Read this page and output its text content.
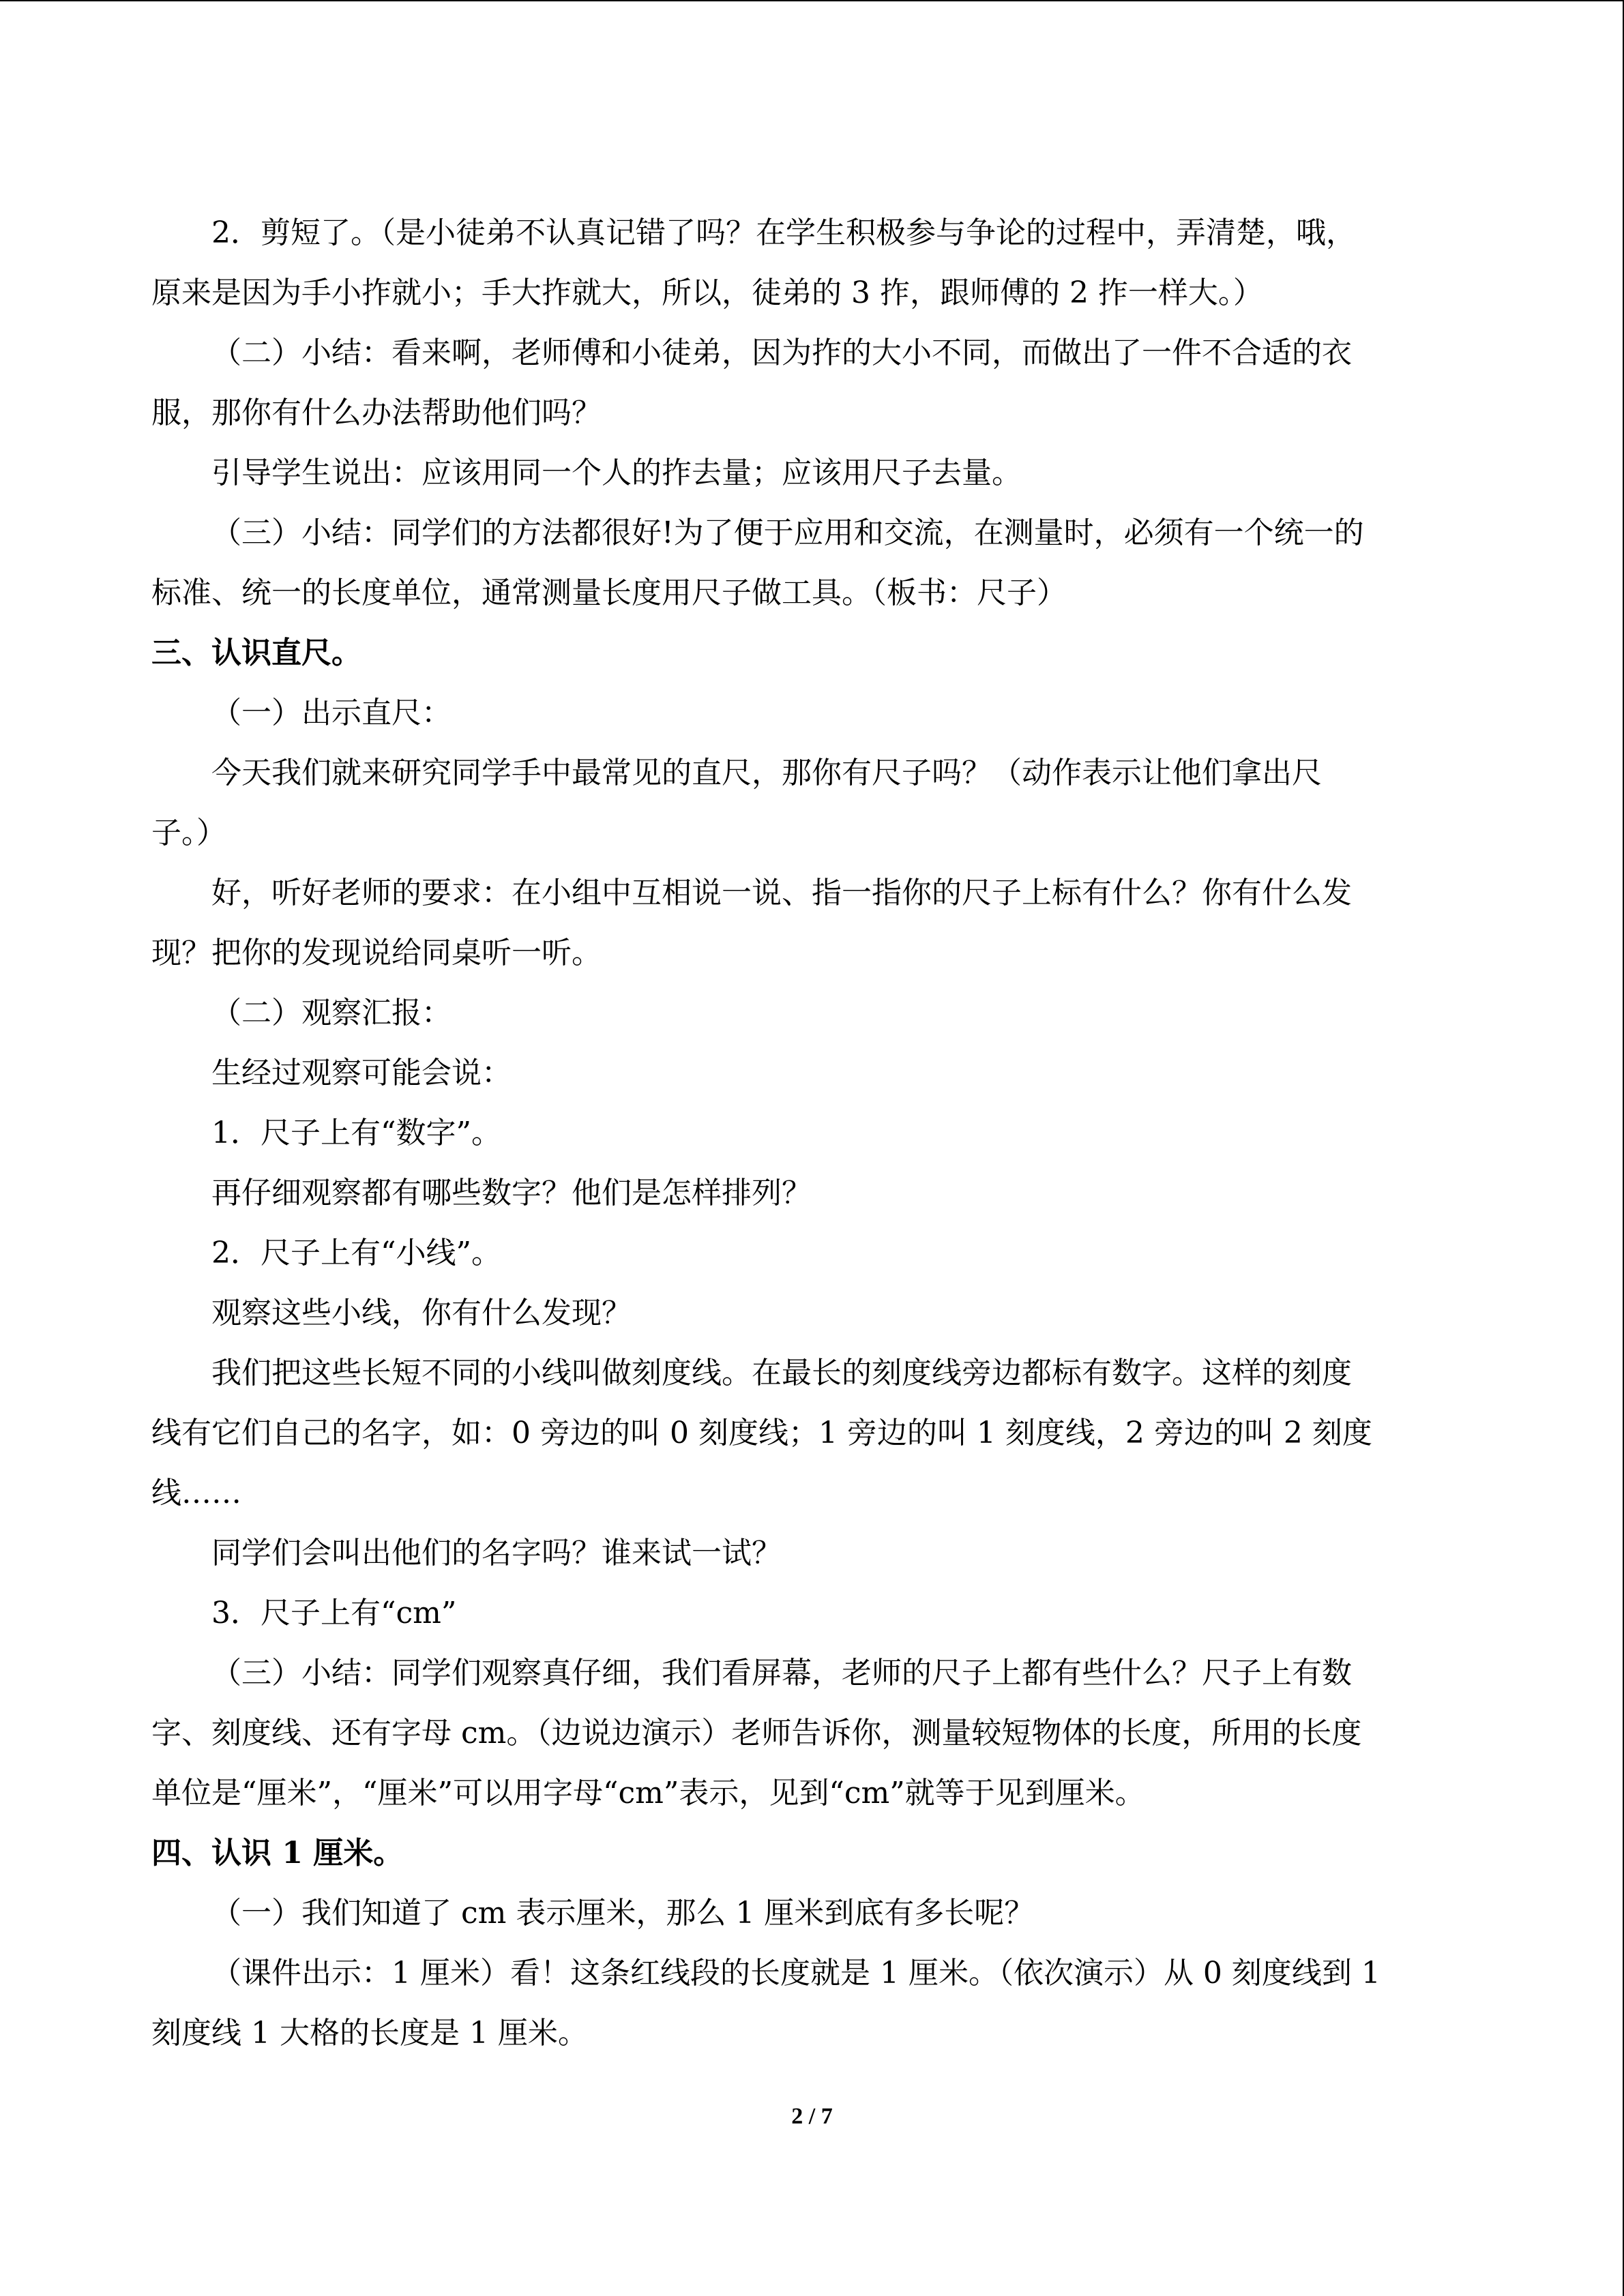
2．剪短了。（是小徒弟不认真记错了吗？在学生积极参与争论的过程中，弄清楚，哦，
原来是因为手小拃就小；手大拃就大，所以，徒弟的 3 拃，跟师傅的 2 拃一样大。）
（二）小结：看来啊，老师傅和小徒弟，因为拃的大小不同，而做出了一件不合适的衣
服，那你有什么办法帮助他们吗？
引导学生说出：应该用同一个人的拃去量；应该用尺子去量。
（三）小结：同学们的方法都很好!为了便于应用和交流，在测量时，必须有一个统一的
标准、统一的长度单位，通常测量长度用尺子做工具。（板书：尺子）
三、认识直尺。
（一）出示直尺：
今天我们就来研究同学手中最常见的直尺，那你有尺子吗？（动作表示让他们拿出尺
子。）
好，听好老师的要求：在小组中互相说一说、指一指你的尺子上标有什么？你有什么发
现？把你的发现说给同桌听一听。
（二）观察汇报：
生经过观察可能会说：
1．尺子上有“数字”。
再仔细观察都有哪些数字？他们是怎样排列？
2．尺子上有“小线”。
观察这些小线，你有什么发现？
我们把这些长短不同的小线叫做刻度线。在最长的刻度线旁边都标有数字。这样的刻度
线有它们自己的名字，如：0 旁边的叫 0 刻度线；1 旁边的叫 1 刻度线，2 旁边的叫 2 刻度
线……
同学们会叫出他们的名字吗？谁来试一试？
3．尺子上有“cm”
（三）小结：同学们观察真仔细，我们看屏幕，老师的尺子上都有些什么？尺子上有数
字、刻度线、还有字母 cm。（边说边演示）老师告诉你，测量较短物体的长度，所用的长度
单位是“厘米”，“厘米”可以用字母“cm”表示，见到“cm”就等于见到厘米。
四、认识 1 厘米。
（一）我们知道了 cm 表示厘米，那么 1 厘米到底有多长呢？
（课件出示：1 厘米）看！这条红线段的长度就是 1 厘米。（依次演示）从 0 刻度线到 1
刻度线 1 大格的长度是 1 厘米。
2 / 7
